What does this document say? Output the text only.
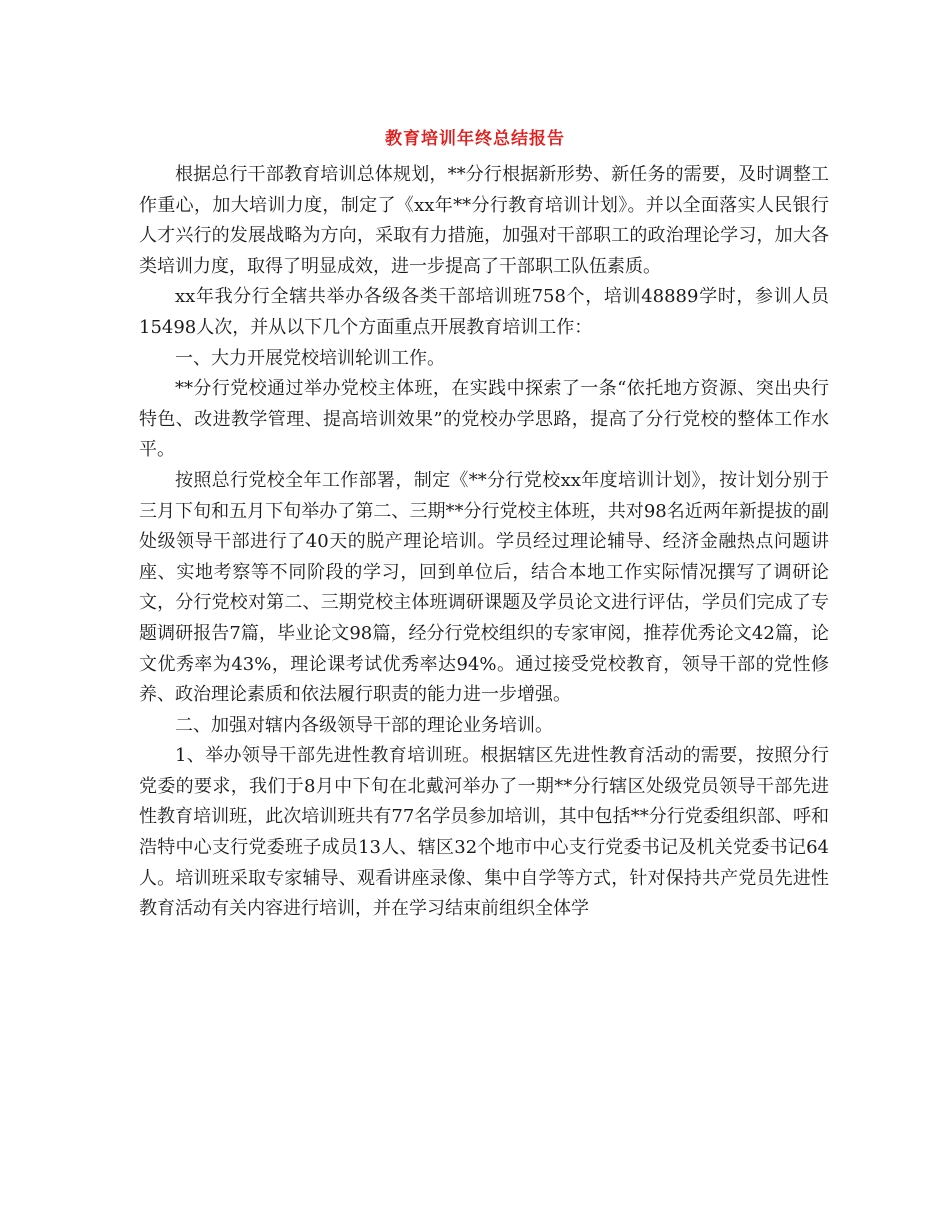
教育培训年终总结报告

根据总行干部教育培训总体规划，**分行根据新形势、新任务的需要，及时调整工作重心，加大培训力度，制定了《xx年**分行教育培训计划》。并以全面落实人民银行人才兴行的发展战略为方向，采取有力措施，加强对干部职工的政治理论学习，加大各类培训力度，取得了明显成效，进一步提高了干部职工队伍素质。

xx年我分行全辖共举办各级各类干部培训班758个，培训48889学时，参训人员15498人次，并从以下几个方面重点开展教育培训工作：

一、大力开展党校培训轮训工作。

**分行党校通过举办党校主体班，在实践中探索了一条“依托地方资源、突出央行特色、改进教学管理、提高培训效果”的党校办学思路，提高了分行党校的整体工作水平。

按照总行党校全年工作部署，制定《**分行党校xx年度培训计划》，按计划分别于三月下旬和五月下旬举办了第二、三期**分行党校主体班，共对98名近两年新提拔的副处级领导干部进行了40天的脱产理论培训。学员经过理论辅导、经济金融热点问题讲座、实地考察等不同阶段的学习，回到单位后，结合本地工作实际情况撰写了调研论文，分行党校对第二、三期党校主体班调研课题及学员论文进行评估，学员们完成了专题调研报告7篇，毕业论文98篇，经分行党校组织的专家审阅，推荐优秀论文42篇，论文优秀率为43%，理论课考试优秀率达94%。通过接受党校教育，领导干部的党性修养、政治理论素质和依法履行职责的能力进一步增强。

二、加强对辖内各级领导干部的理论业务培训。

1、举办领导干部先进性教育培训班。根据辖区先进性教育活动的需要，按照分行党委的要求，我们于8月中下旬在北戴河举办了一期**分行辖区处级党员领导干部先进性教育培训班，此次培训班共有77名学员参加培训，其中包括**分行党委组织部、呼和浩特中心支行党委班子成员13人、辖区32个地市中心支行党委书记及机关党委书记64人。培训班采取专家辅导、观看讲座录像、集中自学等方式，针对保持共产党员先进性教育活动有关内容进行培训，并在学习结束前组织全体学
